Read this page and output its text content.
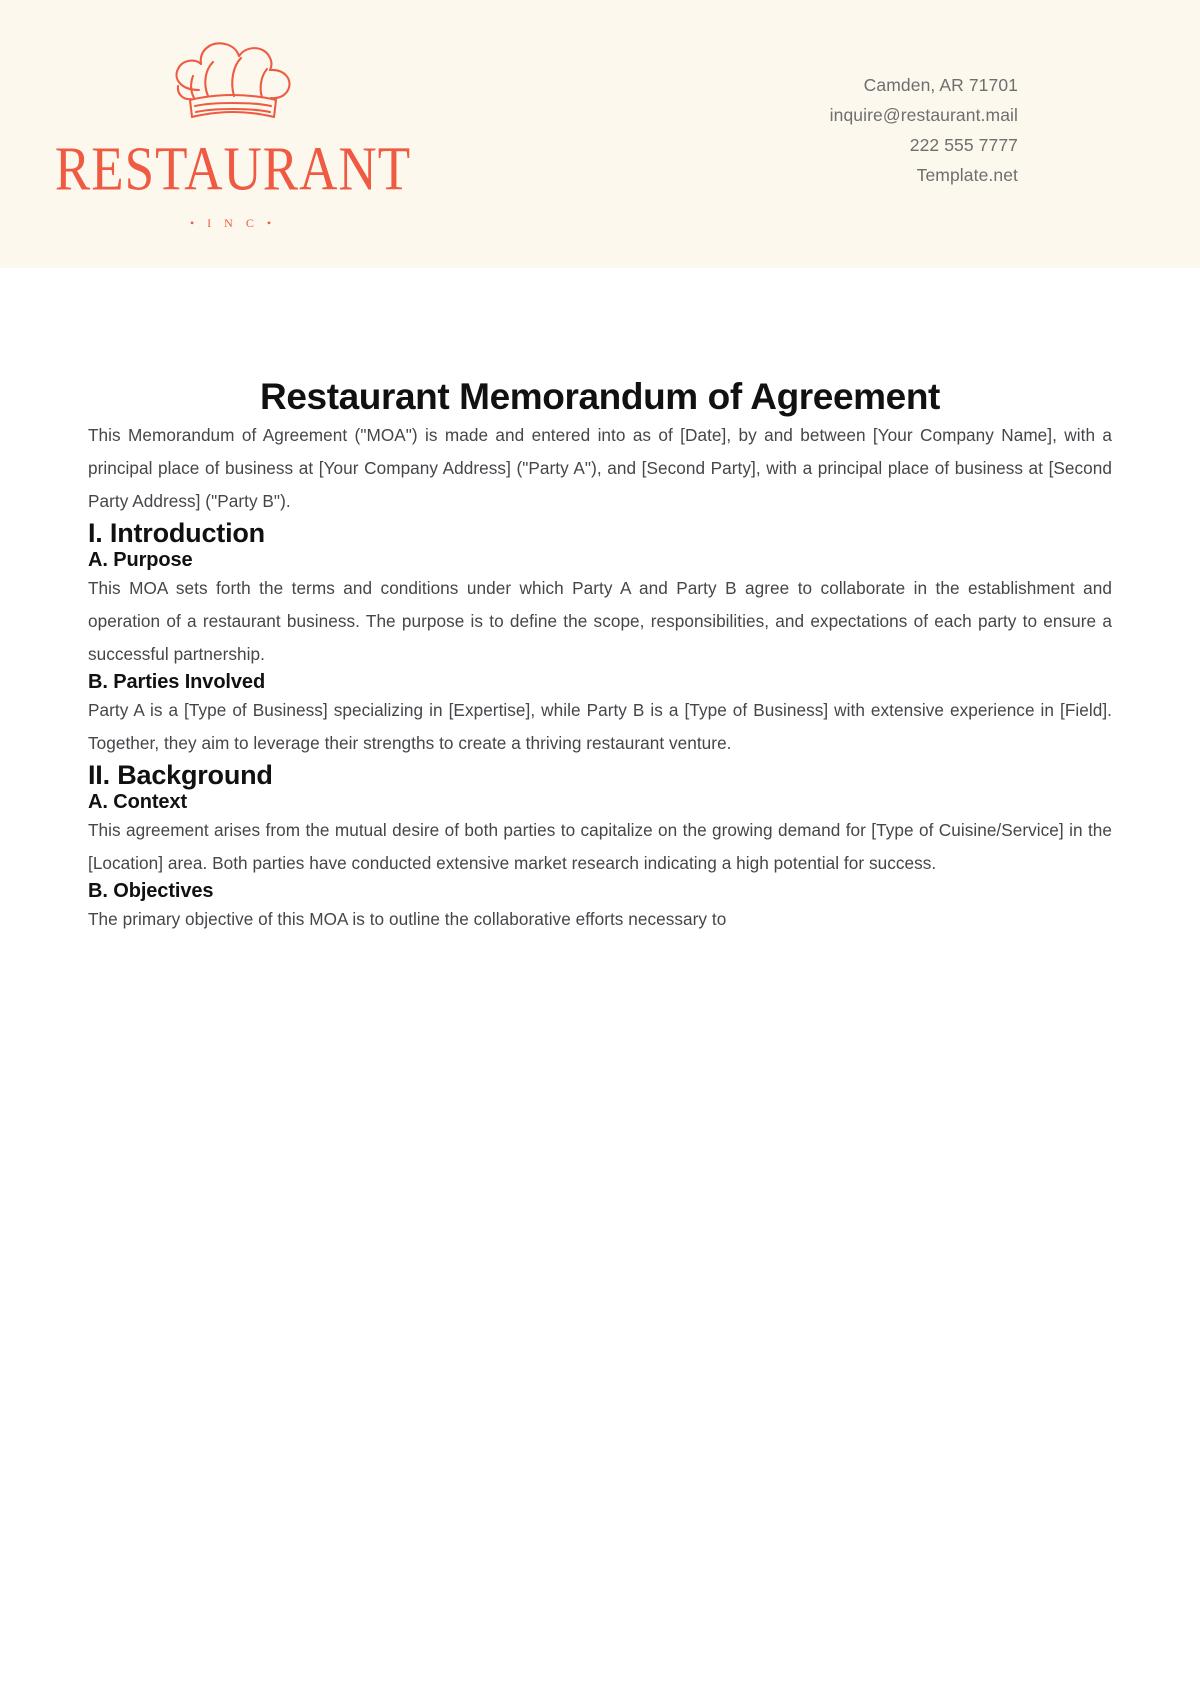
RESTAURANT
• I N C •
Camden, AR 71701
inquire@restaurant.mail
222 555 7777
Template.net
Restaurant Memorandum of Agreement

This Memorandum of Agreement ("MOA") is made and entered into as of [Date], by and between [Your Company Name], with a principal place of business at [Your Company Address] ("Party A"), and [Second Party], with a principal place of business at [Second Party Address] ("Party B").

I. Introduction
A. Purpose

This MOA sets forth the terms and conditions under which Party A and Party B agree to collaborate in the establishment and operation of a restaurant business. The purpose is to define the scope, responsibilities, and expectations of each party to ensure a successful partnership.

B. Parties Involved

Party A is a [Type of Business] specializing in [Expertise], while Party B is a [Type of Business] with extensive experience in [Field]. Together, they aim to leverage their strengths to create a thriving restaurant venture.

II. Background
A. Context

This agreement arises from the mutual desire of both parties to capitalize on the growing demand for [Type of Cuisine/Service] in the [Location] area. Both parties have conducted extensive market research indicating a high potential for success.

B. Objectives

The primary objective of this MOA is to outline the collaborative efforts necessary to
